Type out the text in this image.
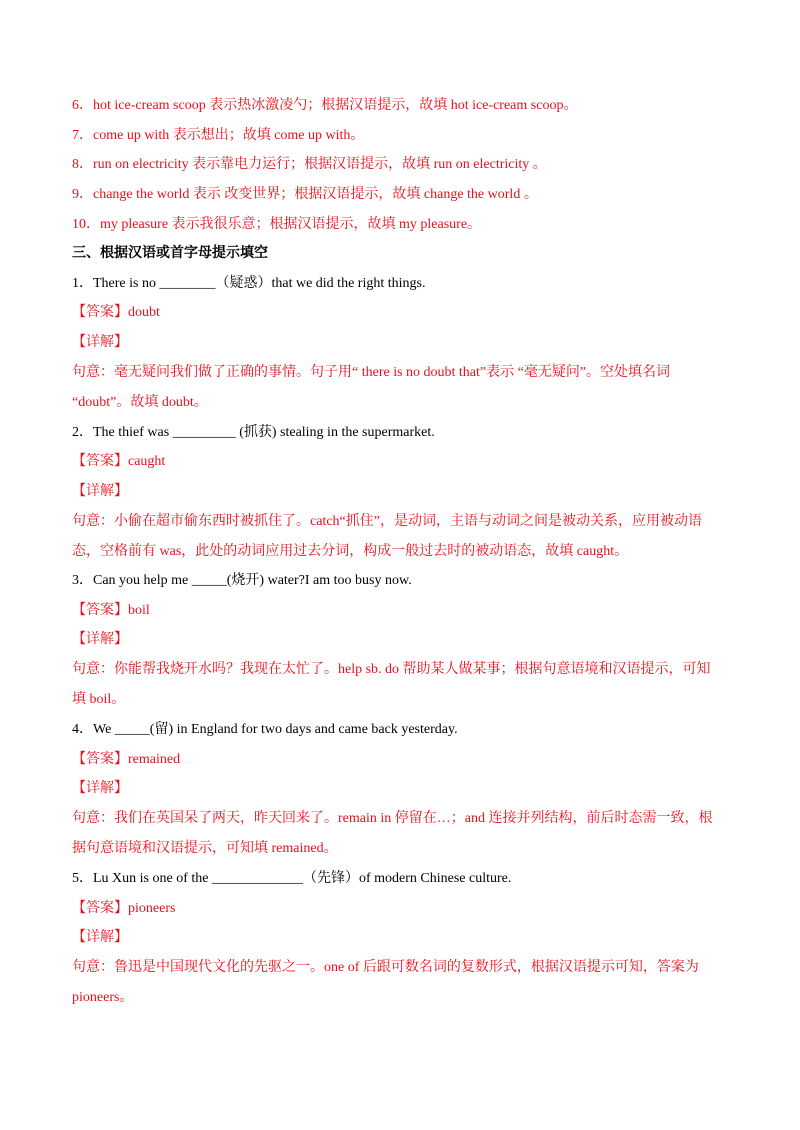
6．hot ice-cream scoop 表示热冰激凌勺；根据汉语提示，故填 hot ice-cream scoop。
7．come up with 表示想出；故填 come up with。
8．run on electricity 表示靠电力运行；根据汉语提示，故填 run on electricity 。
9．change the world 表示 改变世界；根据汉语提示，故填 change the world 。
10．my pleasure 表示我很乐意；根据汉语提示，故填 my pleasure。
三、根据汉语或首字母提示填空
1．There is no ________（疑惑）that we did the right things.
【答案】doubt
【详解】
句意：毫无疑问我们做了正确的事情。句子用“ there is no doubt that”表示 “毫无疑问”。空处填名词
“doubt”。故填 doubt。
2．The thief was _________ (抓获) stealing in the supermarket.
【答案】caught
【详解】
句意：小偷在超市偷东西时被抓住了。catch“抓住”，是动词，主语与动词之间是被动关系，应用被动语
态，空格前有 was，此处的动词应用过去分词，构成一般过去时的被动语态，故填 caught。
3．Can you help me _____(烧开) water?I am too busy now.
【答案】boil
【详解】
句意：你能帮我烧开水吗？我现在太忙了。help sb. do 帮助某人做某事；根据句意语境和汉语提示，可知
填 boil。
4．We _____(留) in England for two days and came back yesterday.
【答案】remained
【详解】
句意：我们在英国呆了两天，昨天回来了。remain in 停留在…；and 连接并列结构，前后时态需一致，根
据句意语境和汉语提示，可知填 remained。
5．Lu Xun is one of the _____________（先锋）of modern Chinese culture.
【答案】pioneers
【详解】
句意：鲁迅是中国现代文化的先驱之一。one of 后跟可数名词的复数形式，根据汉语提示可知，答案为
pioneers。
